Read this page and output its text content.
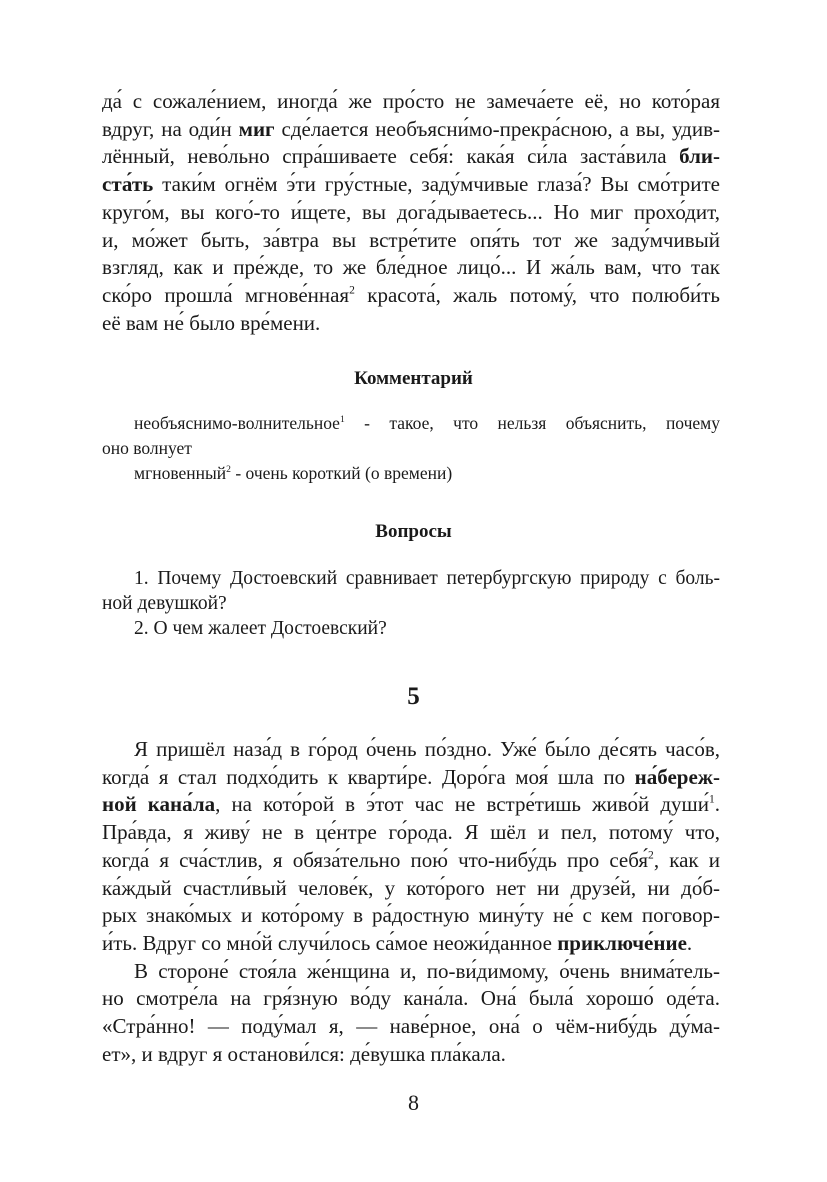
да́ с сожале́нием, иногда́ же про́сто не замеча́ете её, но кото́рая
вдруг, на оди́н миг сде́лается необъясни́мо-прекра́сною, а вы, удив-
лённый, нево́льно спра́шиваете себя́: кака́я си́ла заста́вила бли-
ста́ть таки́м огнём э́ти гру́стные, заду́мчивые глаза́? Вы смо́трите
круго́м, вы кого́-то и́щете, вы дога́дываетесь... Но миг прохо́дит,
и, мо́жет быть, за́втра вы встре́тите опя́ть тот же заду́мчивый
взгляд, как и пре́жде, то же бле́дное лицо́... И жа́ль вам, что так
ско́ро прошла́ мгнове́нная$^2$ красота́, жаль потому́, что полюби́ть
её вам не́ было вре́мени.
Комментарий
необъяснимо-волнительное$^1$ - такое, что нельзя объяснить, почему
оно волнует
мгновенный$^2$ - очень короткий (о времени)
Вопросы
1. Почему Достоевский сравнивает петербургскую природу с боль-
ной девушкой?
2. О чем жалеет Достоевский?
5
Я пришёл наза́д в го́род о́чень по́здно. Уже́ бы́ло де́сять часо́в,
когда́ я стал подхо́дить к кварти́ре. Доро́га моя́ шла по на́береж-
ной кана́ла, на кото́рой в э́тот час не встре́тишь живо́й души́$^1$.
Пра́вда, я живу́ не в це́нтре го́рода. Я шёл и пел, потому́ что,
когда́ я сча́стлив, я обяза́тельно пою́ что-нибу́дь про себя́$^2$, как и
ка́ждый счастли́вый челове́к, у кото́рого нет ни друзе́й, ни до́б-
рых знако́мых и кото́рому в ра́достную мину́ту не́ с кем поговор-
и́ть. Вдруг со мно́й случи́лось са́мое неожи́данное приключе́ние.
В стороне́ стоя́ла же́нщина и, по-ви́димому, о́чень внима́тель-
но смотре́ла на гря́зную во́ду кана́ла. Она́ была́ хорошо́ оде́та.
«Стра́нно! — поду́мал я, — наве́рное, она́ о чём-нибу́дь ду́ма-
ет», и вдруг я останови́лся: де́вушка пла́кала.
8
